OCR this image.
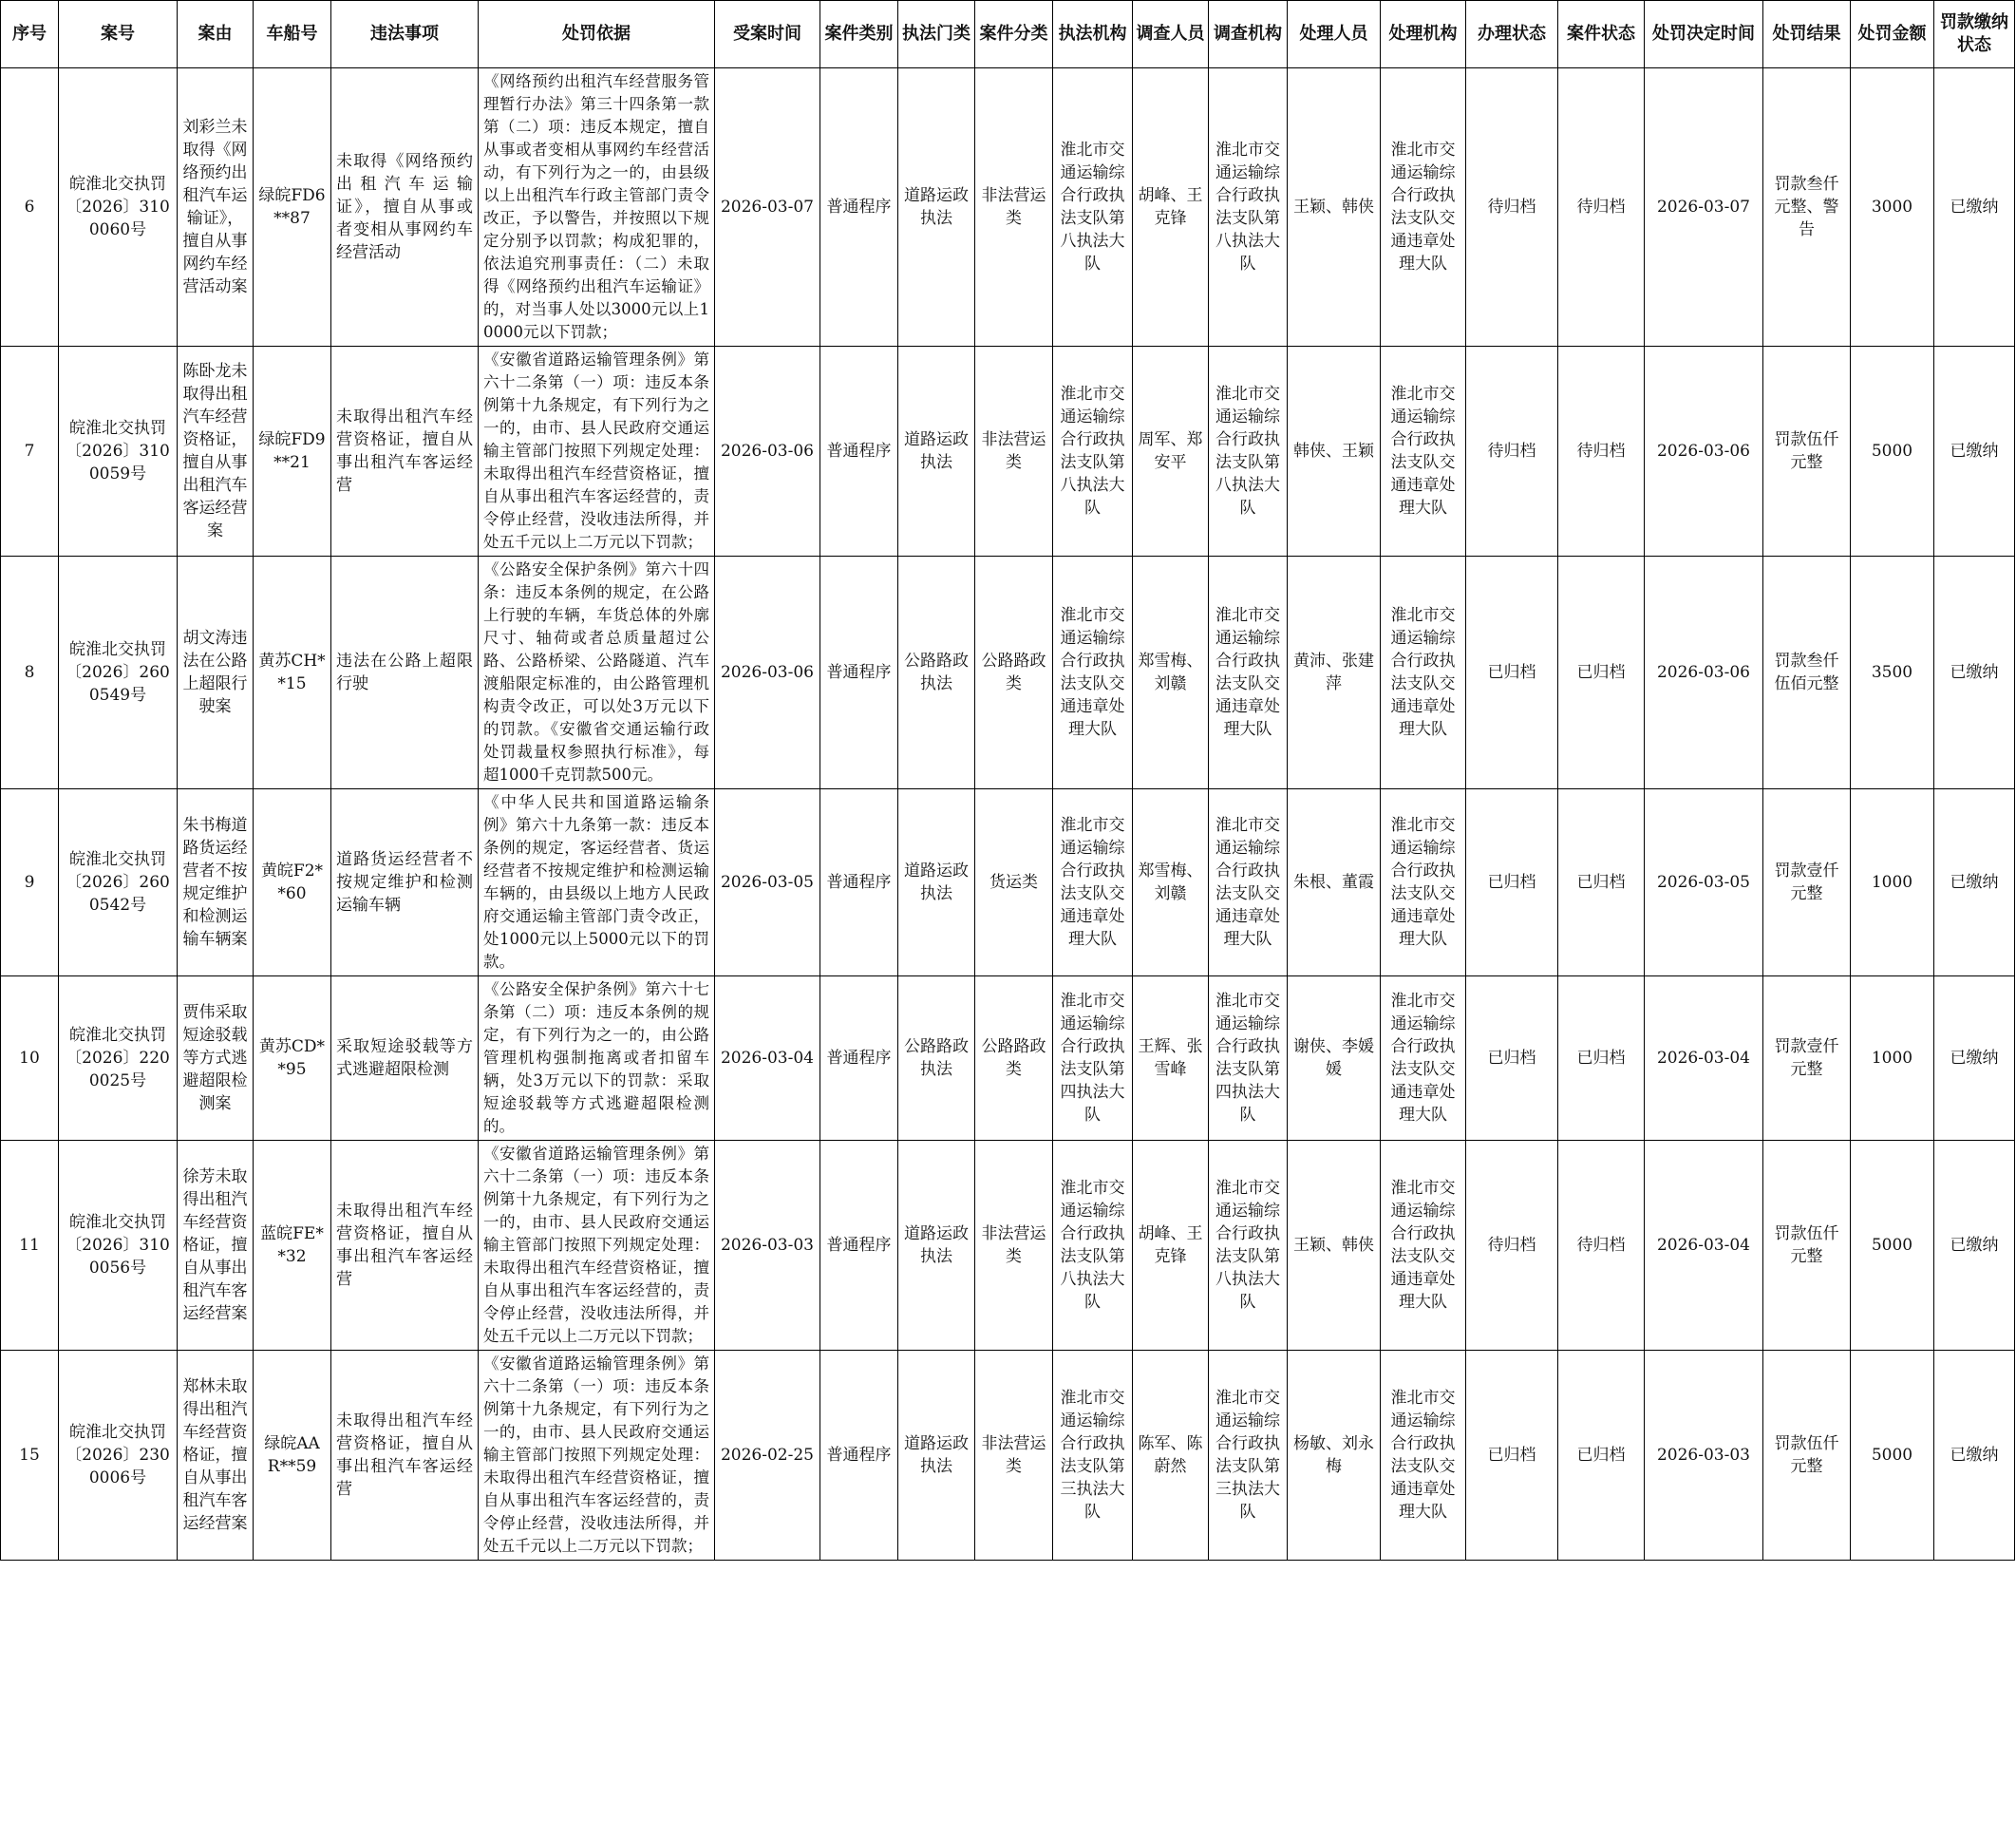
序号	案号	案由	车船号	违法事项	处罚依据	受案时间	案件类别	执法门类	案件分类	执法机构	调查人员	调查机构	处理人员	处理机构	办理状态	案件状态	处罚决定时间	处罚结果	处罚金额	罚款缴纳状态
6	皖淮北交执罚〔2026〕3100060号	刘彩兰未取得《网络预约出租汽车运输证》，擅自从事网约车经营活动案	绿皖FD6**87	未取得《网络预约出租汽车运输证》，擅自从事或者变相从事网约车经营活动	《网络预约出租汽车经营服务管理暂行办法》第三十四条第一款第（二）项：违反本规定，擅自从事或者变相从事网约车经营活动，有下列行为之一的，由县级以上出租汽车行政主管部门责令改正，予以警告，并按照以下规定分别予以罚款；构成犯罪的，依法追究刑事责任：（二）未取得《网络预约出租汽车运输证》的，对当事人处以3000元以上10000元以下罚款；	2026-03-07	普通程序	道路运政执法	非法营运类	淮北市交通运输综合行政执法支队第八执法大队	胡峰、王克锋	淮北市交通运输综合行政执法支队第八执法大队	王颖、韩侠	淮北市交通运输综合行政执法支队交通违章处理大队	待归档	待归档	2026-03-07	罚款叁仟元整、警告	3000	已缴纳
7	皖淮北交执罚〔2026〕3100059号	陈卧龙未取得出租汽车经营资格证，擅自从事出租汽车客运经营案	绿皖FD9**21	未取得出租汽车经营资格证，擅自从事出租汽车客运经营	《安徽省道路运输管理条例》第六十二条第（一）项：违反本条例第十九条规定，有下列行为之一的，由市、县人民政府交通运输主管部门按照下列规定处理：未取得出租汽车经营资格证，擅自从事出租汽车客运经营的，责令停止经营，没收违法所得，并处五千元以上二万元以下罚款；	2026-03-06	普通程序	道路运政执法	非法营运类	淮北市交通运输综合行政执法支队第八执法大队	周军、郑安平	淮北市交通运输综合行政执法支队第八执法大队	韩侠、王颖	淮北市交通运输综合行政执法支队交通违章处理大队	待归档	待归档	2026-03-06	罚款伍仟元整	5000	已缴纳
8	皖淮北交执罚〔2026〕2600549号	胡文涛违法在公路上超限行驶案	黄苏CH**15	违法在公路上超限行驶	《公路安全保护条例》第六十四条：违反本条例的规定，在公路上行驶的车辆，车货总体的外廓尺寸、轴荷或者总质量超过公路、公路桥梁、公路隧道、汽车渡船限定标准的，由公路管理机构责令改正，可以处3万元以下的罚款。《安徽省交通运输行政处罚裁量权参照执行标准》，每超1000千克罚款500元。	2026-03-06	普通程序	公路路政执法	公路路政类	淮北市交通运输综合行政执法支队交通违章处理大队	郑雪梅、刘赣	淮北市交通运输综合行政执法支队交通违章处理大队	黄沛、张建萍	淮北市交通运输综合行政执法支队交通违章处理大队	已归档	已归档	2026-03-06	罚款叁仟伍佰元整	3500	已缴纳
9	皖淮北交执罚〔2026〕2600542号	朱书梅道路货运经营者不按规定维护和检测运输车辆案	黄皖F2**60	道路货运经营者不按规定维护和检测运输车辆	《中华人民共和国道路运输条例》第六十九条第一款：违反本条例的规定，客运经营者、货运经营者不按规定维护和检测运输车辆的，由县级以上地方人民政府交通运输主管部门责令改正，处1000元以上5000元以下的罚款。	2026-03-05	普通程序	道路运政执法	货运类	淮北市交通运输综合行政执法支队交通违章处理大队	郑雪梅、刘赣	淮北市交通运输综合行政执法支队交通违章处理大队	朱根、董霞	淮北市交通运输综合行政执法支队交通违章处理大队	已归档	已归档	2026-03-05	罚款壹仟元整	1000	已缴纳
10	皖淮北交执罚〔2026〕2200025号	贾伟采取短途驳载等方式逃避超限检测案	黄苏CD**95	采取短途驳载等方式逃避超限检测	《公路安全保护条例》第六十七条第（二）项：违反本条例的规定，有下列行为之一的，由公路管理机构强制拖离或者扣留车辆，处3万元以下的罚款：采取短途驳载等方式逃避超限检测的。	2026-03-04	普通程序	公路路政执法	公路路政类	淮北市交通运输综合行政执法支队第四执法大队	王辉、张雪峰	淮北市交通运输综合行政执法支队第四执法大队	谢侠、李媛媛	淮北市交通运输综合行政执法支队交通违章处理大队	已归档	已归档	2026-03-04	罚款壹仟元整	1000	已缴纳
11	皖淮北交执罚〔2026〕3100056号	徐芳未取得出租汽车经营资格证，擅自从事出租汽车客运经营案	蓝皖FE**32	未取得出租汽车经营资格证，擅自从事出租汽车客运经营	《安徽省道路运输管理条例》第六十二条第（一）项：违反本条例第十九条规定，有下列行为之一的，由市、县人民政府交通运输主管部门按照下列规定处理：未取得出租汽车经营资格证，擅自从事出租汽车客运经营的，责令停止经营，没收违法所得，并处五千元以上二万元以下罚款；	2026-03-03	普通程序	道路运政执法	非法营运类	淮北市交通运输综合行政执法支队第八执法大队	胡峰、王克锋	淮北市交通运输综合行政执法支队第八执法大队	王颖、韩侠	淮北市交通运输综合行政执法支队交通违章处理大队	待归档	待归档	2026-03-04	罚款伍仟元整	5000	已缴纳
15	皖淮北交执罚〔2026〕2300006号	郑林未取得出租汽车经营资格证，擅自从事出租汽车客运经营案	绿皖AAR**59	未取得出租汽车经营资格证，擅自从事出租汽车客运经营	《安徽省道路运输管理条例》第六十二条第（一）项：违反本条例第十九条规定，有下列行为之一的，由市、县人民政府交通运输主管部门按照下列规定处理：未取得出租汽车经营资格证，擅自从事出租汽车客运经营的，责令停止经营，没收违法所得，并处五千元以上二万元以下罚款；	2026-02-25	普通程序	道路运政执法	非法营运类	淮北市交通运输综合行政执法支队第三执法大队	陈军、陈蔚然	淮北市交通运输综合行政执法支队第三执法大队	杨敏、刘永梅	淮北市交通运输综合行政执法支队交通违章处理大队	已归档	已归档	2026-03-03	罚款伍仟元整	5000	已缴纳
